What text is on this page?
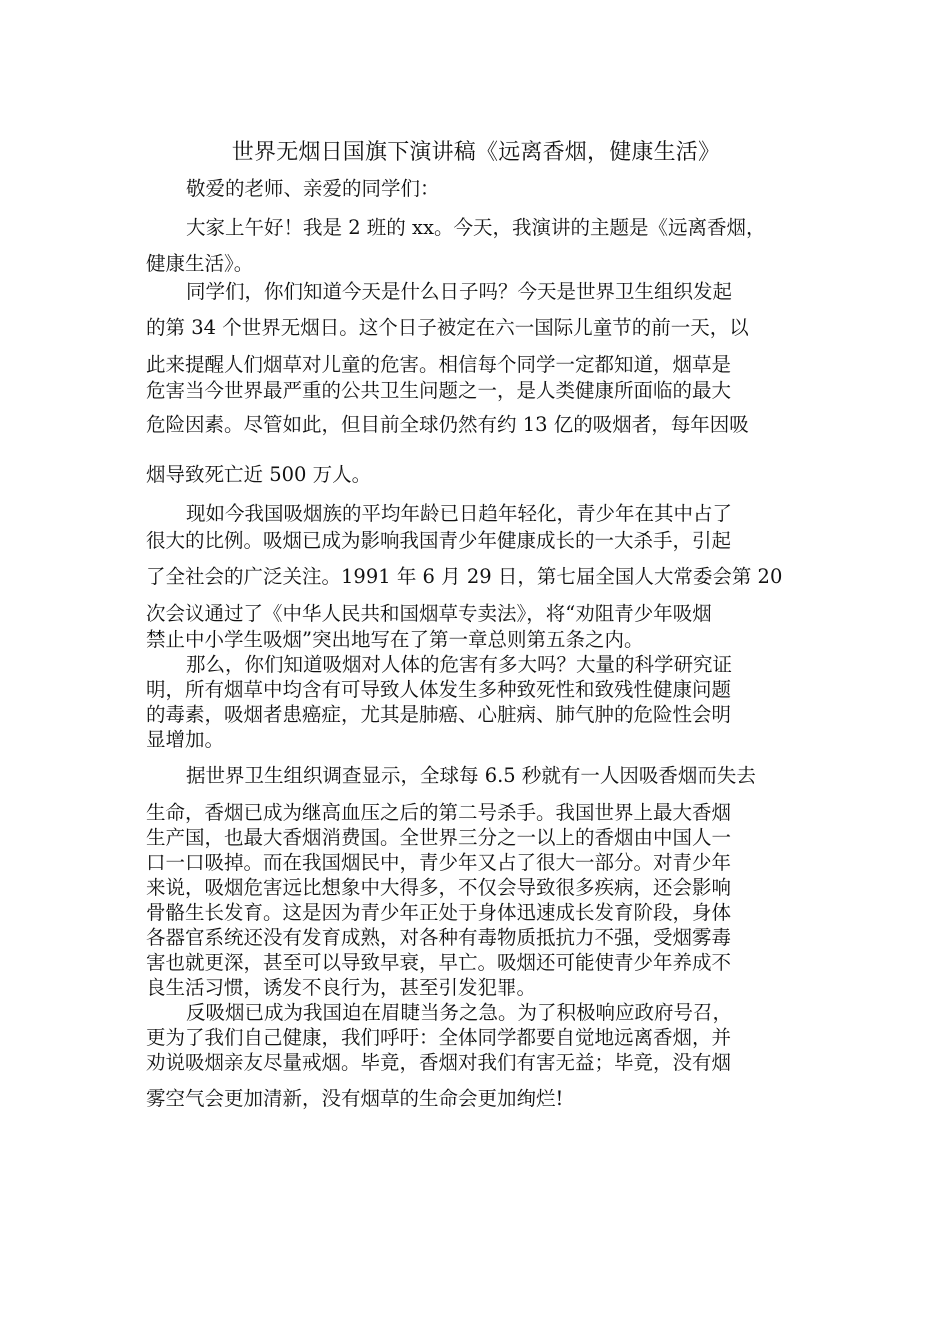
世界无烟日国旗下演讲稿《远离香烟，健康生活》
敬爱的老师、亲爱的同学们：
大家上午好！我是 2 班的 xx。今天，我演讲的主题是《远离香烟，
健康生活》。
同学们，你们知道今天是什么日子吗？今天是世界卫生组织发起
的第 34 个世界无烟日。这个日子被定在六一国际儿童节的前一天，以
此来提醒人们烟草对儿童的危害。相信每个同学一定都知道，烟草是
危害当今世界最严重的公共卫生问题之一，是人类健康所面临的最大
危险因素。尽管如此，但目前全球仍然有约 13 亿的吸烟者，每年因吸
烟导致死亡近 500 万人。
现如今我国吸烟族的平均年龄已日趋年轻化，青少年在其中占了
很大的比例。吸烟已成为影响我国青少年健康成长的一大杀手，引起
了全社会的广泛关注。1991 年 6 月 29 日，第七届全国人大常委会第 20
次会议通过了《中华人民共和国烟草专卖法》，将“劝阻青少年吸烟
禁止中小学生吸烟”突出地写在了第一章总则第五条之内。
那么，你们知道吸烟对人体的危害有多大吗？大量的科学研究证
明，所有烟草中均含有可导致人体发生多种致死性和致残性健康问题
的毒素，吸烟者患癌症，尤其是肺癌、心脏病、肺气肿的危险性会明
显增加。
据世界卫生组织调查显示，全球每 6.5 秒就有一人因吸香烟而失去
生命，香烟已成为继高血压之后的第二号杀手。我国世界上最大香烟
生产国，也最大香烟消费国。全世界三分之一以上的香烟由中国人一
口一口吸掉。而在我国烟民中，青少年又占了很大一部分。对青少年
来说，吸烟危害远比想象中大得多，不仅会导致很多疾病，还会影响
骨骼生长发育。这是因为青少年正处于身体迅速成长发育阶段，身体
各器官系统还没有发育成熟，对各种有毒物质抵抗力不强，受烟雾毒
害也就更深，甚至可以导致早衰，早亡。吸烟还可能使青少年养成不
良生活习惯，诱发不良行为，甚至引发犯罪。
反吸烟已成为我国迫在眉睫当务之急。为了积极响应政府号召，
更为了我们自己健康，我们呼吁：全体同学都要自觉地远离香烟，并
劝说吸烟亲友尽量戒烟。毕竟，香烟对我们有害无益；毕竟，没有烟
雾空气会更加清新，没有烟草的生命会更加绚烂!
